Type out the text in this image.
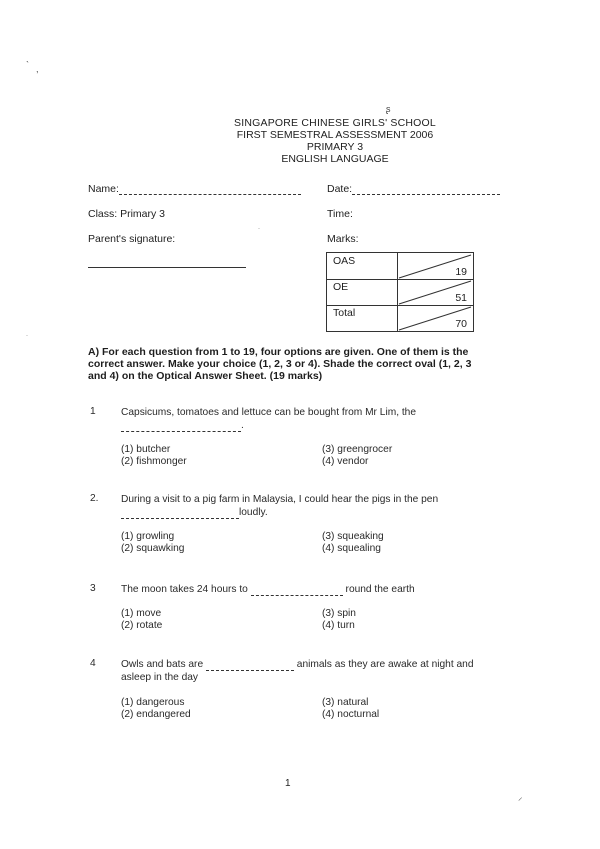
` ,
ʂ
⸝
·
·
SINGAPORE CHINESE GIRLS' SCHOOL
FIRST SEMESTRAL ASSESSMENT 2006
PRIMARY 3
ENGLISH LANGUAGE
Name:	Date:
Class: Primary 3	Time:
Parent's signature:	Marks:
OAS
19
OE
51
Total
70
A) For each question from 1 to 19, four options are given. One of them is the correct answer. Make your choice (1, 2, 3 or 4). Shade the correct oval (1, 2, 3 and 4) on the Optical Answer Sheet. (19 marks)
1 Capsicums, tomatoes and lettuce can be bought from Mr Lim, the
.
(1) butcher
(2) fishmonger
(3) greengrocer
(4) vendor
2. During a visit to a pig farm in Malaysia, I could hear the pigs in the pen
loudly.
(1) growling
(2) squawking
(3) squeaking
(4) squealing
3 The moon takes 24 hours to	round the earth
(1) move
(2) rotate
(3) spin
(4) turn
4 Owls and bats are	animals as they are awake at night and asleep in the day
(1) dangerous
(2) endangered
(3) natural
(4) nocturnal
1
